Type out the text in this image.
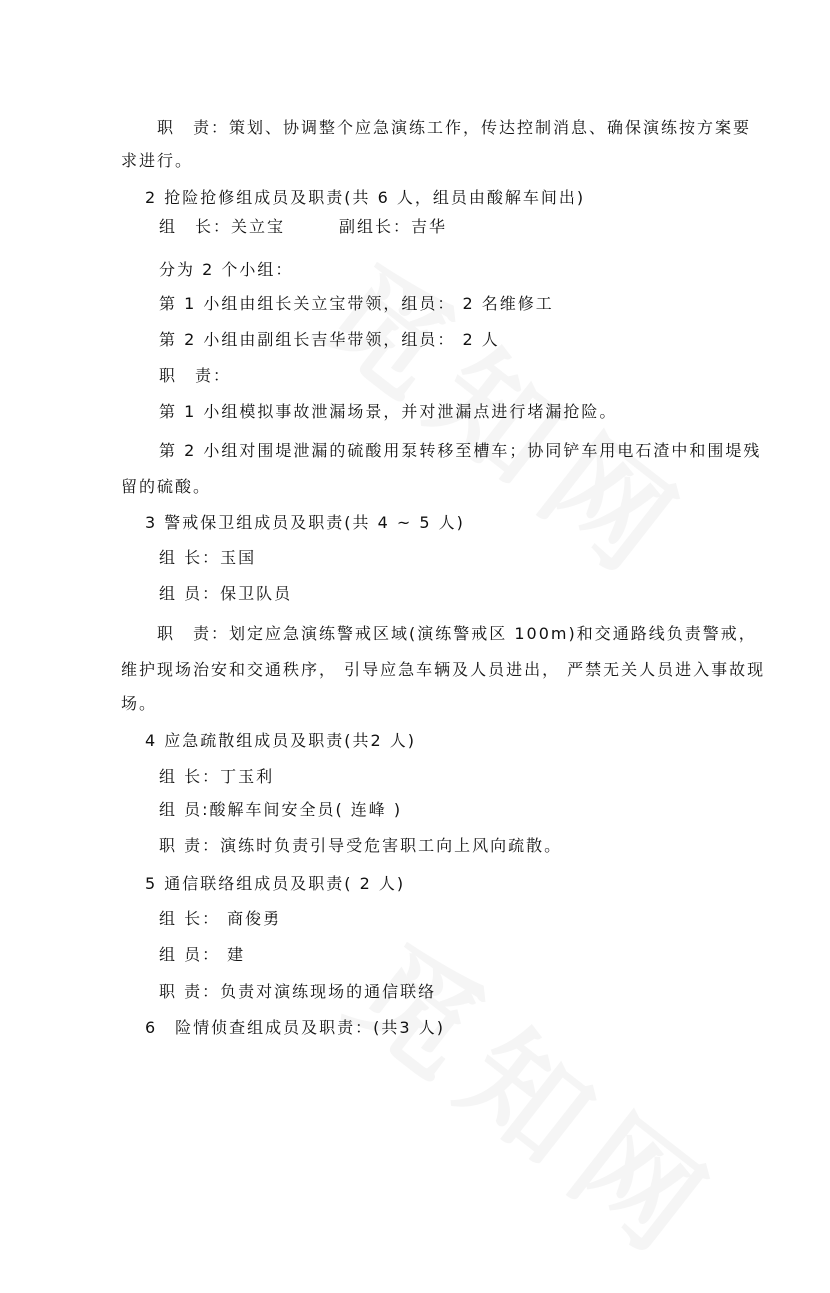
职　责：策划、协调整个应急演练工作，传达控制消息、确保演练按方案要
求进行。
2 抢险抢修组成员及职责(共 6 人，组员由酸解车间出)
组　长：关立宝　　　副组长：吉华
分为 2 个小组：
第 1 小组由组长关立宝带领，组员： 2 名维修工
第 2 小组由副组长吉华带领，组员： 2 人
职　责：
第 1 小组模拟事故泄漏场景，并对泄漏点进行堵漏抢险。
第 2 小组对围堤泄漏的硫酸用泵转移至槽车；协同铲车用电石渣中和围堤残
留的硫酸。
3 警戒保卫组成员及职责(共 4 ~ 5 人)
组 长：玉国
组 员：保卫队员
职　责：划定应急演练警戒区域(演练警戒区 100m)和交通路线负责警戒，
维护现场治安和交通秩序， 引导应急车辆及人员进出， 严禁无关人员进入事故现
场。
4 应急疏散组成员及职责(共2 人)
组 长：丁玉利
组 员:酸解车间安全员( 连峰 )
职 责：演练时负责引导受危害职工向上风向疏散。
5 通信联络组成员及职责( 2 人)
组 长： 商俊勇
组 员： 建
职 责：负责对演练现场的通信联络
6　险情侦查组成员及职责：(共3 人)
